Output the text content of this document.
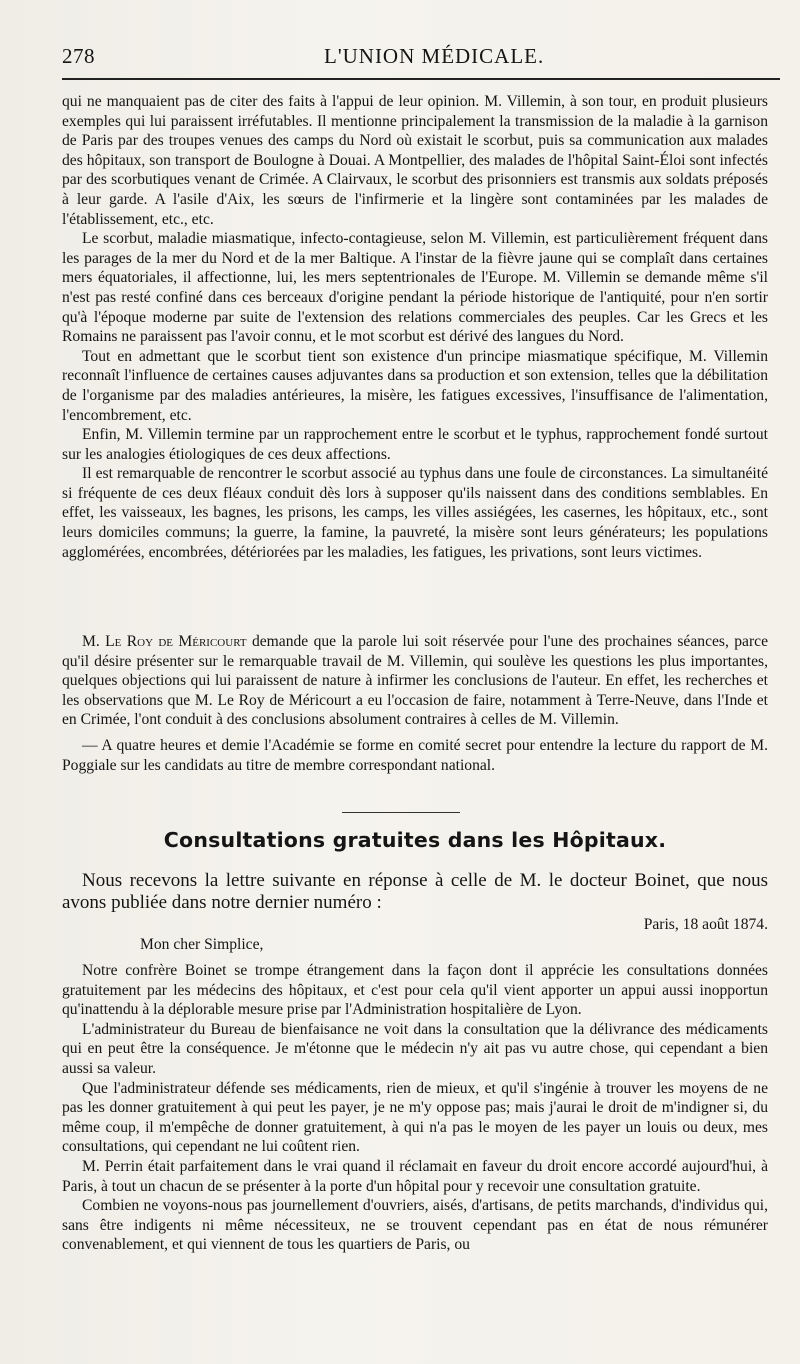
278	L'UNION MÉDICALE.

qui ne manquaient pas de citer des faits à l'appui de leur opinion. M. Villemin, à son tour, en produit plusieurs exemples qui lui paraissent irréfutables. Il mentionne principalement la transmission de la maladie à la garnison de Paris par des troupes venues des camps du Nord où existait le scorbut, puis sa communication aux malades des hôpitaux, son transport de Boulogne à Douai. A Montpellier, des malades de l'hôpital Saint-Éloi sont infectés par des scorbutiques venant de Crimée. A Clairvaux, le scorbut des prisonniers est transmis aux soldats préposés à leur garde. A l'asile d'Aix, les sœurs de l'infirmerie et la lingère sont contaminées par les malades de l'établissement, etc., etc.

Le scorbut, maladie miasmatique, infecto-contagieuse, selon M. Villemin, est particulièrement fréquent dans les parages de la mer du Nord et de la mer Baltique. A l'instar de la fièvre jaune qui se complaît dans certaines mers équatoriales, il affectionne, lui, les mers septentrionales de l'Europe. M. Villemin se demande même s'il n'est pas resté confiné dans ces berceaux d'origine pendant la période historique de l'antiquité, pour n'en sortir qu'à l'époque moderne par suite de l'extension des relations commerciales des peuples. Car les Grecs et les Romains ne paraissent pas l'avoir connu, et le mot scorbut est dérivé des langues du Nord.

Tout en admettant que le scorbut tient son existence d'un principe miasmatique spécifique, M. Villemin reconnaît l'influence de certaines causes adjuvantes dans sa production et son extension, telles que la débilitation de l'organisme par des maladies antérieures, la misère, les fatigues excessives, l'insuffisance de l'alimentation, l'encombrement, etc.

Enfin, M. Villemin termine par un rapprochement entre le scorbut et le typhus, rapprochement fondé surtout sur les analogies étiologiques de ces deux affections.

Il est remarquable de rencontrer le scorbut associé au typhus dans une foule de circonstances. La simultanéité si fréquente de ces deux fléaux conduit dès lors à supposer qu'ils naissent dans des conditions semblables. En effet, les vaisseaux, les bagnes, les prisons, les camps, les villes assiégées, les casernes, les hôpitaux, etc., sont leurs domiciles communs; la guerre, la famine, la pauvreté, la misère sont leurs générateurs; les populations agglomérées, encombrées, détériorées par les maladies, les fatigues, les privations, sont leurs victimes.

M. Le Roy de Méricourt demande que la parole lui soit réservée pour l'une des prochaines séances, parce qu'il désire présenter sur le remarquable travail de M. Villemin, qui soulève les questions les plus importantes, quelques objections qui lui paraissent de nature à infirmer les conclusions de l'auteur. En effet, les recherches et les observations que M. Le Roy de Méricourt a eu l'occasion de faire, notamment à Terre-Neuve, dans l'Inde et en Crimée, l'ont conduit à des conclusions absolument contraires à celles de M. Villemin.

— A quatre heures et demie l'Académie se forme en comité secret pour entendre la lecture du rapport de M. Poggiale sur les candidats au titre de membre correspondant national.

Consultations gratuites dans les Hôpitaux.
Nous recevons la lettre suivante en réponse à celle de M. le docteur Boinet, que nous avons publiée dans notre dernier numéro :
Paris, 18 août 1874.
Mon cher Simplice,

Notre confrère Boinet se trompe étrangement dans la façon dont il apprécie les consultations données gratuitement par les médecins des hôpitaux, et c'est pour cela qu'il vient apporter un appui aussi inopportun qu'inattendu à la déplorable mesure prise par l'Administration hospitalière de Lyon.

L'administrateur du Bureau de bienfaisance ne voit dans la consultation que la délivrance des médicaments qui en peut être la conséquence. Je m'étonne que le médecin n'y ait pas vu autre chose, qui cependant a bien aussi sa valeur.

Que l'administrateur défende ses médicaments, rien de mieux, et qu'il s'ingénie à trouver les moyens de ne pas les donner gratuitement à qui peut les payer, je ne m'y oppose pas; mais j'aurai le droit de m'indigner si, du même coup, il m'empêche de donner gratuitement, à qui n'a pas le moyen de les payer un louis ou deux, mes consultations, qui cependant ne lui coûtent rien.

M. Perrin était parfaitement dans le vrai quand il réclamait en faveur du droit encore accordé aujourd'hui, à Paris, à tout un chacun de se présenter à la porte d'un hôpital pour y recevoir une consultation gratuite.

Combien ne voyons-nous pas journellement d'ouvriers, aisés, d'artisans, de petits marchands, d'individus qui, sans être indigents ni même nécessiteux, ne se trouvent cependant pas en état de nous rémunérer convenablement, et qui viennent de tous les quartiers de Paris, ou
